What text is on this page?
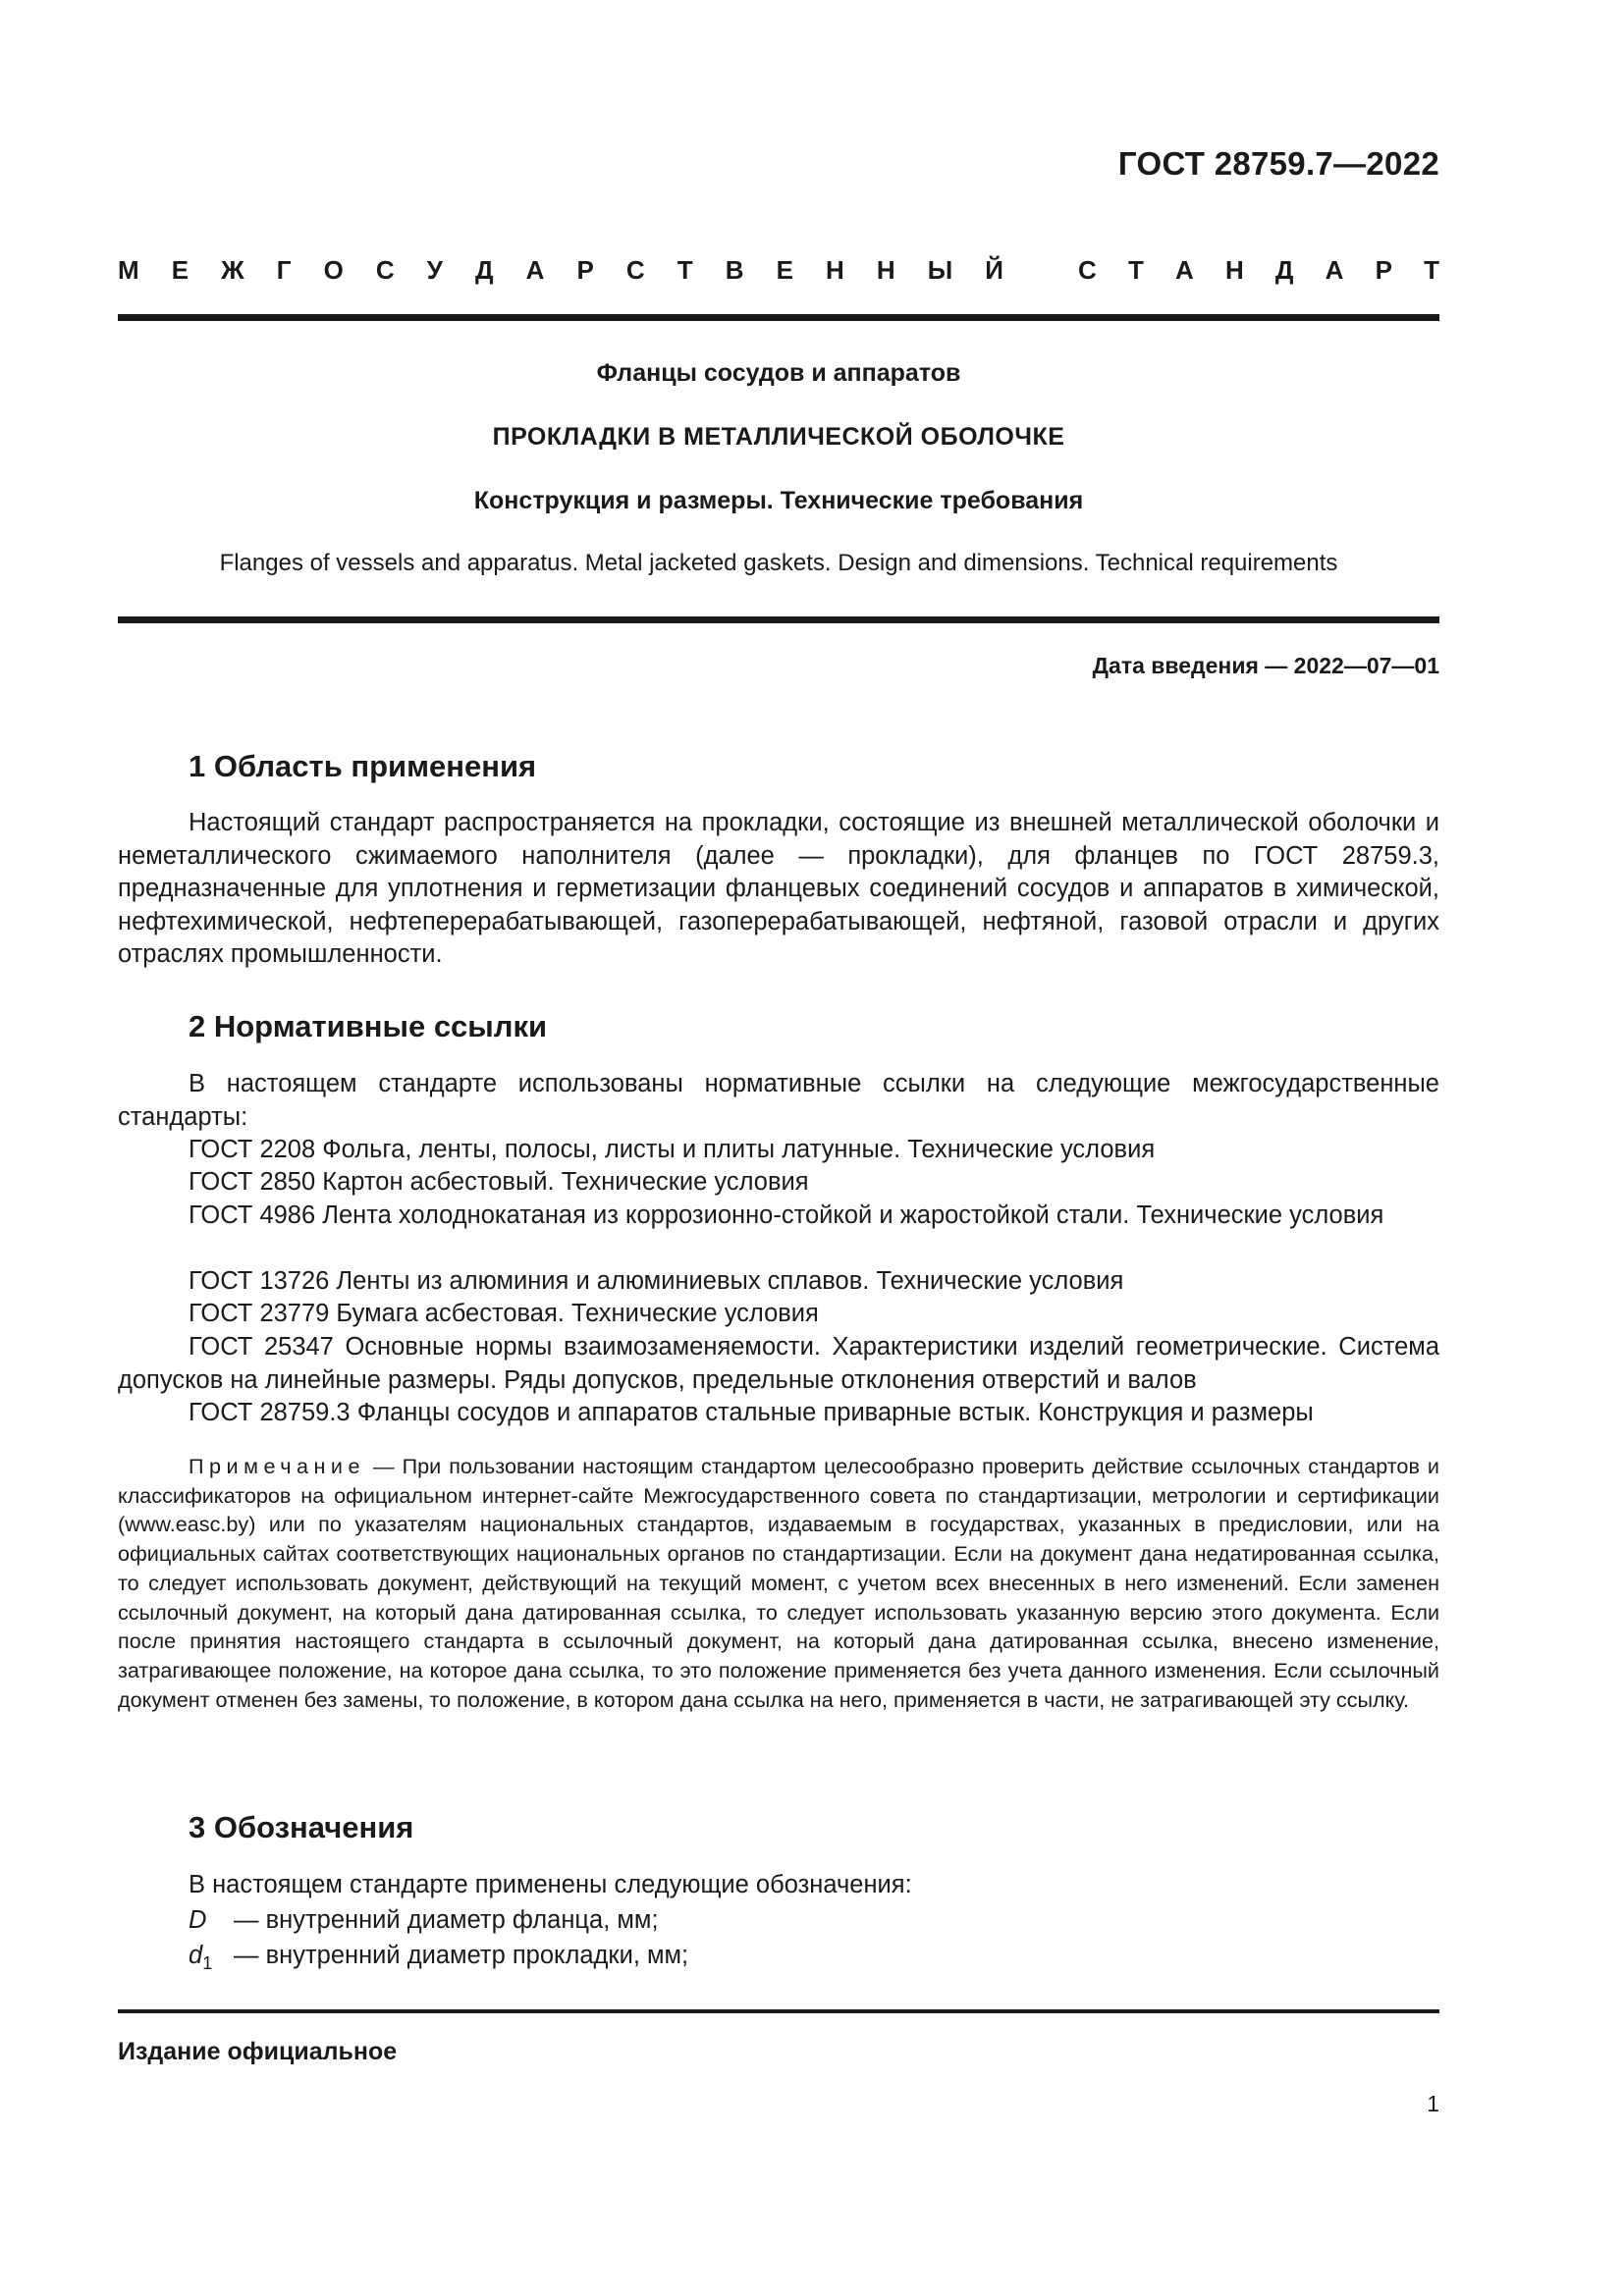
ГОСТ 28759.7—2022
М Е Ж Г О С У Д А Р С Т В Е Н Н Ы Й	С Т А Н Д А Р Т
Фланцы сосудов и аппаратов
ПРОКЛАДКИ В МЕТАЛЛИЧЕСКОЙ ОБОЛОЧКЕ
Конструкция и размеры. Технические требования
Flanges of vessels and apparatus. Metal jacketed gaskets. Design and dimensions. Technical requirements
Дата введения — 2022—07—01
1 Область применения
Настоящий стандарт распространяется на прокладки, состоящие из внешней металлической оболочки и неметаллического сжимаемого наполнителя (далее — прокладки), для фланцев по ГОСТ 28759.3, предназначенные для уплотнения и герметизации фланцевых соединений сосудов и аппаратов в химической, нефтехимической, нефтеперерабатывающей, газоперерабатывающей, нефтяной, газовой отрасли и других отраслях промышленности.
2 Нормативные ссылки
В настоящем стандарте использованы нормативные ссылки на следующие межгосударственные стандарты:
ГОСТ 2208 Фольга, ленты, полосы, листы и плиты латунные. Технические условия
ГОСТ 2850 Картон асбестовый. Технические условия
ГОСТ 4986 Лента холоднокатаная из коррозионно-стойкой и жаростойкой стали. Технические условия
ГОСТ 13726 Ленты из алюминия и алюминиевых сплавов. Технические условия
ГОСТ 23779 Бумага асбестовая. Технические условия
ГОСТ 25347 Основные нормы взаимозаменяемости. Характеристики изделий геометрические. Система допусков на линейные размеры. Ряды допусков, предельные отклонения отверстий и валов
ГОСТ 28759.3 Фланцы сосудов и аппаратов стальные приварные встык. Конструкция и размеры
Примечание — При пользовании настоящим стандартом целесообразно проверить действие ссылочных стандартов и классификаторов на официальном интернет-сайте Межгосударственного совета по стандартизации, метрологии и сертификации (www.easc.by) или по указателям национальных стандартов, издаваемым в государствах, указанных в предисловии, или на официальных сайтах соответствующих национальных органов по стандартизации. Если на документ дана недатированная ссылка, то следует использовать документ, действующий на текущий момент, с учетом всех внесенных в него изменений. Если заменен ссылочный документ, на который дана датированная ссылка, то следует использовать указанную версию этого документа. Если после принятия настоящего стандарта в ссылочный документ, на который дана датированная ссылка, внесено изменение, затрагивающее положение, на которое дана ссылка, то это положение применяется без учета данного изменения. Если ссылочный документ отменен без замены, то положение, в котором дана ссылка на него, применяется в части, не затрагивающей эту ссылку.
3 Обозначения
В настоящем стандарте применены следующие обозначения:
D	— внутренний диаметр фланца, мм;
$d_1$ — внутренний диаметр прокладки, мм;
Издание официальное
1
